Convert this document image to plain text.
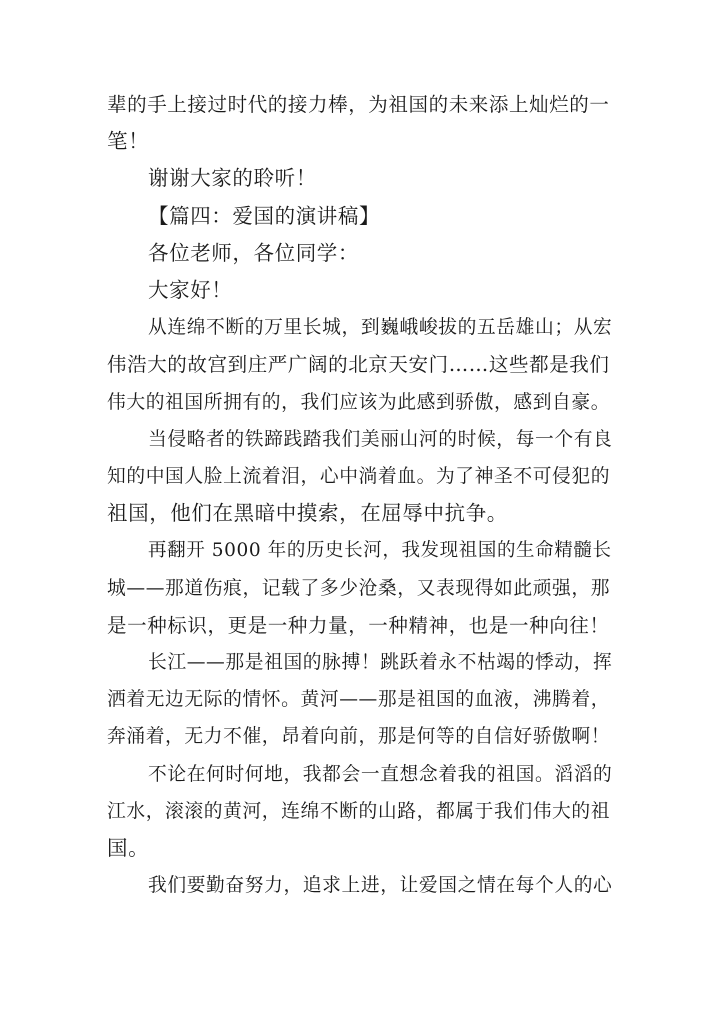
辈的手上接过时代的接力棒，为祖国的未来添上灿烂的一
笔！
谢谢大家的聆听！
【篇四：爱国的演讲稿】
各位老师，各位同学：
大家好！
从连绵不断的万里长城，到巍峨峻拔的五岳雄山；从宏
伟浩大的故宫到庄严广阔的北京天安门……这些都是我们
伟大的祖国所拥有的，我们应该为此感到骄傲，感到自豪。
当侵略者的铁蹄践踏我们美丽山河的时候，每一个有良
知的中国人脸上流着泪，心中淌着血。为了神圣不可侵犯的
祖国，他们在黑暗中摸索，在屈辱中抗争。
再翻开 5000 年的历史长河，我发现祖国的生命精髓长
城——那道伤痕，记载了多少沧桑，又表现得如此顽强，那
是一种标识，更是一种力量，一种精神，也是一种向往！
长江——那是祖国的脉搏！跳跃着永不枯竭的悸动，挥
洒着无边无际的情怀。黄河——那是祖国的血液，沸腾着，
奔涌着，无力不催，昂着向前，那是何等的自信好骄傲啊！
不论在何时何地，我都会一直想念着我的祖国。滔滔的
江水，滚滚的黄河，连绵不断的山路，都属于我们伟大的祖
国。
我们要勤奋努力，追求上进，让爱国之情在每个人的心
